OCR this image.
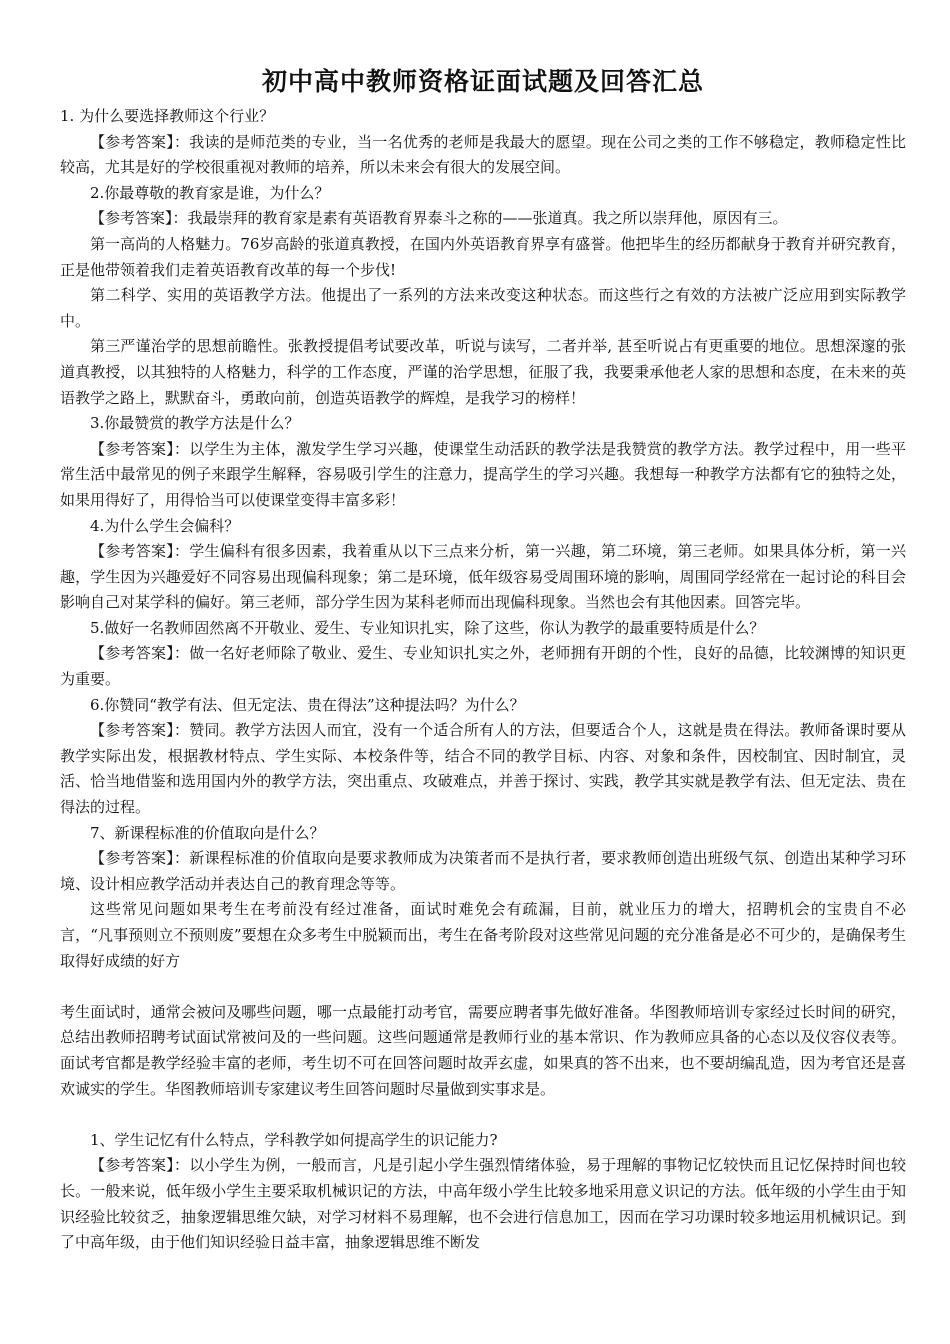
初中高中教师资格证面试题及回答汇总

1. 为什么要选择教师这个行业？

【参考答案】：我读的是师范类的专业，当一名优秀的老师是我最大的愿望。现在公司之类的工作不够稳定，教师稳定性比较高，尤其是好的学校很重视对教师的培养，所以未来会有很大的发展空间。

2.你最尊敬的教育家是谁，为什么？

【参考答案】：我最崇拜的教育家是素有英语教育界泰斗之称的——张道真。我之所以崇拜他，原因有三。

第一高尚的人格魅力。76岁高龄的张道真教授，在国内外英语教育界享有盛誉。他把毕生的经历都献身于教育并研究教育，正是他带领着我们走着英语教育改革的每一个步伐!

第二科学、实用的英语教学方法。他提出了一系列的方法来改变这种状态。而这些行之有效的方法被广泛应用到实际教学中。

第三严谨治学的思想前瞻性。张教授提倡考试要改革，听说与读写，二者并举, 甚至听说占有更重要的地位。思想深邃的张道真教授，以其独特的人格魅力，科学的工作态度，严谨的治学思想，征服了我，我要秉承他老人家的思想和态度，在未来的英语教学之路上，默默奋斗，勇敢向前，创造英语教学的辉煌，是我学习的榜样！

3.你最赞赏的教学方法是什么？

【参考答案】：以学生为主体，激发学生学习兴趣，使课堂生动活跃的教学法是我赞赏的教学方法。教学过程中，用一些平常生活中最常见的例子来跟学生解释，容易吸引学生的注意力，提高学生的学习兴趣。我想每一种教学方法都有它的独特之处，如果用得好了，用得恰当可以使课堂变得丰富多彩！

4.为什么学生会偏科？

【参考答案】：学生偏科有很多因素，我着重从以下三点来分析，第一兴趣，第二环境，第三老师。如果具体分析，第一兴趣，学生因为兴趣爱好不同容易出现偏科现象；第二是环境，低年级容易受周围环境的影响，周围同学经常在一起讨论的科目会影响自己对某学科的偏好。第三老师，部分学生因为某科老师而出现偏科现象。当然也会有其他因素。回答完毕。

5.做好一名教师固然离不开敬业、爱生、专业知识扎实，除了这些，你认为教学的最重要特质是什么？

【参考答案】：做一名好老师除了敬业、爱生、专业知识扎实之外，老师拥有开朗的个性，良好的品德，比较渊博的知识更为重要。

6.你赞同“教学有法、但无定法、贵在得法”这种提法吗？为什么？

【参考答案】：赞同。教学方法因人而宜，没有一个适合所有人的方法，但要适合个人，这就是贵在得法。教师备课时要从教学实际出发，根据教材特点、学生实际、本校条件等，结合不同的教学目标、内容、对象和条件，因校制宜、因时制宜，灵活、恰当地借鉴和选用国内外的教学方法，突出重点、攻破难点，并善于探讨、实践，教学其实就是教学有法、但无定法、贵在得法的过程。

7、新课程标准的价值取向是什么？

【参考答案】：新课程标准的价值取向是要求教师成为决策者而不是执行者，要求教师创造出班级气氛、创造出某种学习环境、设计相应教学活动并表达自己的教育理念等等。

这些常见问题如果考生在考前没有经过准备，面试时难免会有疏漏，目前，就业压力的增大，招聘机会的宝贵自不必言，“凡事预则立不预则废”要想在众多考生中脱颖而出，考生在备考阶段对这些常见问题的充分准备是必不可少的，是确保考生取得好成绩的好方

考生面试时，通常会被问及哪些问题，哪一点最能打动考官，需要应聘者事先做好准备。华图教师培训专家经过长时间的研究，总结出教师招聘考试面试常被问及的一些问题。这些问题通常是教师行业的基本常识、作为教师应具备的心态以及仪容仪表等。面试考官都是教学经验丰富的老师，考生切不可在回答问题时故弄玄虚，如果真的答不出来，也不要胡编乱造，因为考官还是喜欢诚实的学生。华图教师培训专家建议考生回答问题时尽量做到实事求是。

1、学生记忆有什么特点，学科教学如何提高学生的识记能力?

【参考答案】：以小学生为例，一般而言，凡是引起小学生强烈情绪体验，易于理解的事物记忆较快而且记忆保持时间也较长。一般来说，低年级小学生主要采取机械识记的方法，中高年级小学生比较多地采用意义识记的方法。低年级的小学生由于知识经验比较贫乏，抽象逻辑思维欠缺，对学习材料不易理解，也不会进行信息加工，因而在学习功课时较多地运用机械识记。到了中高年级，由于他们知识经验日益丰富，抽象逻辑思维不断发
